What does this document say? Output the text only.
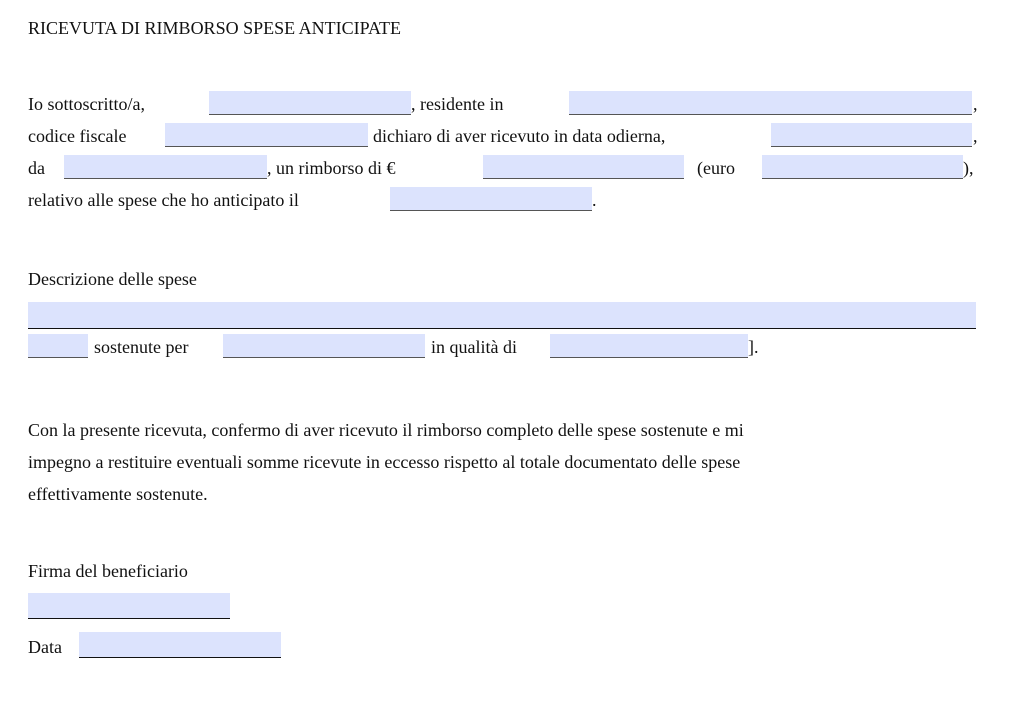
RICEVUTA DI RIMBORSO SPESE ANTICIPATE
Io sottoscritto/a,	, residente in	,
codice fiscale	dichiaro di aver ricevuto in data odierna,	,
da	, un rimborso di €	(euro	),
relativo alle spese che ho anticipato il	.
Descrizione delle spese
sostenute per	in qualità di	].
Con la presente ricevuta, confermo di aver ricevuto il rimborso completo delle spese sostenute e mi
impegno a restituire eventuali somme ricevute in eccesso rispetto al totale documentato delle spese
effettivamente sostenute.
Firma del beneficiario
Data
